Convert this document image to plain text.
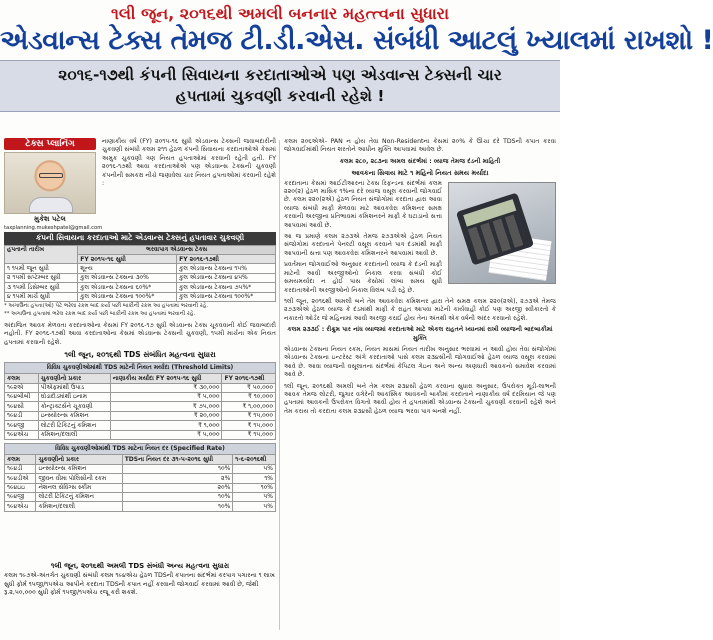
૧લી જૂન, ૨૦૧૬થી અમલી બનનાર મહત્ત્વના સુધારા
એડવાન્સ ટેક્સ તેમજ ટી.ડી.એસ. સંબંધી આટલું ખ્યાલમાં રાખશો !
૨૦૧૬-૧૭થી કંપની સિવાયના કરદાતાઓએ પણ એડવાન્સ ટેક્સની ચાર
હપતામાં ચુકવણી કરવાની રહેશે !
ટેક્સ પ્લાનિંગ
મુકેશ પટેલ
taxplanning.mukeshpatel@gmail.com

નાણાકીય વર્ષ (FY) ૨૦૧૫-૧૬ સુધી એડવાન્સ ટેક્સની જવાબદારીની ચુકવણી સંબંધી કલમ ૨૧૧ હેઠળ કંપની સિવાયના કરદાતાઓએ કેસમાં અમુક ચુકવણી ત્રણ નિયત હપતાઓમાં કરવાની રહેતી હતી. FY ૨૦૧૬-૧૭થી આવા કરદાતાઓએ પણ એડવાન્સ ટેક્સની ચુકવણી કંપનીની સમકક્ષ નીચે જણાવેલા ચાર નિયત હપતાઓમાં કરવાની રહેશે :

કંપની સિવાયના કરદાતાઓ માટે એડવાન્સ ટેક્સનું હપતાવાર ચુકવણી
હપતાની તારીખ	ભરવાપાત્ર એડવાન્સ ટેક્સ	
	FY ૨૦૧૫-૧૬ સુધી	FY ૨૦૧૬-૧૭થી
૧ ૧૫મી જૂન સુધી	શૂન્ય	કુલ એડવાન્સ ટેક્સના ૧૫%
૨ ૧૫મી સપ્ટેમ્બર સુધી	કુલ એડવાન્સ ટેક્સના ૩૦%	કુલ એડવાન્સ ટેક્સના ૪૫%
૩ ૧૫મી ડિસેમ્બર સુધી	કુલ એડવાન્સ ટેક્સના ૬૦%*	કુલ એડવાન્સ ટેક્સના ૭૫%*
૪ ૧૫મી માર્ચ સુધી	કુલ એડવાન્સ ટેક્સના ૧૦૦%*	કુલ એડવાન્સ ટેક્સના ૧૦૦%*
* અગાઉના હપતા(ઓ) પેટે ભરેલા રકમ બાદ કર્યા પછી બાકીની રકમ આ હપતામાં ભરવાની રહે.
** અગાઉના હપતામાં ભરેલ રકમ બાદ કર્યા પછી બાકીની રકમ આ હપતામાં ભરવાની રહે.

અંદાજિત આવક મેળવતા કરદાતાઓના કેસમાં FY ૨૦૧૬-૧૭ સુધી એડવાન્સ ટેક્સ ચૂકવવાની કોઈ જવાબદારી નહોતી. FY ૨૦૧૬-૧૭થી આવા કરદાતાઓના કેસમાં એડવાન્સ ટેક્સની ચુકવણી, ૧૫મી માર્ચના એક નિયત હપતામાં કરવાની રહેશે.

૧લી જૂન, ૨૦૧૬થી TDS સંબંધિત મહત્વના સુધારા
વિવિધ ચુકવણીઓમાંથી TDS માટેની નિયત મર્યાદા (Threshold Limits)
કલમ	ચુકવણીનો પ્રકાર	નાણાકીય મર્યાદા FY ૨૦૧૫-૧૬ સુધી	FY ૨૦૧૬-૧૭થી
૧૯૨એ	પીએફમાંથી ઉપાડ	₹ ૩૦,૦૦૦	₹ ૫૦,૦૦૦
૧૯૪બીબી	ઘોડાદોડમાંથી ઇનામ	₹ ૫,૦૦૦	₹ ૧૦,૦૦૦
૧૯૪સી	કોન્ટ્રાક્ટર્સને ચૂકવણી	₹ ૭૫,૦૦૦	₹ ૧,૦૦,૦૦૦
૧૯૪ડી	ઇન્સ્યોરન્સ કમિશન	₹ ૨૦,૦૦૦	₹ ૧૫,૦૦૦
૧૯૪જી	લોટરી ટિકિટનું કમિશન	₹ ૧,૦૦૦	₹ ૧૫,૦૦૦
૧૯૪એચ	કમિશન/દલાલી	₹ ૫,૦૦૦	₹ ૧૫,૦૦૦
વિવિધ ચુકવણીઓમાંથી TDS માટેના નિયત દર (Specified Rate)
કલમ	ચુકવણીનો પ્રકાર	TDSના નિયત દર ૩૧-૫-૨૦૧૬ સુધી	૧-૬-૨૦૧૬થી
૧૯૪ડી	ઇન્સ્યોરન્સ કમિશન	૧૦%	૫%
૧૯૪ડીએ	જીવન વીમા પોલિસીની રકમ	૨%	૧%
૧૯૪ઇઇ	નેશનલ સેવિંગ્સ સ્કીમ	૨૦%	૧૦%
૧૯૪જી	લોટરી ટિકિટનું કમિશન	૧૦%	૫%
૧૯૪એચ	કમિશન/દલાલી	૧૦%	૫%
૧લી જૂન, ૨૦૧૬થી અમલી TDS સંબંધી અન્ય મહત્વના સુધારા

કલમ ૧૯૭એ-અંતર્ગત ચુકવણી સંબંધી કલમ ૧૯૪એચ હેઠળ TDSની કપાતના સંદર્ભમાં કરપાત્ર પગારના ૧ લાખ સુધી ફોર્મ ૧૫જી/૧૫એચ આપીને કરદાતા TDSની કપાત નહીં કરવાની જોગવાઈ કરવામાં આવી છે, જેથી રૂ.૨,૫૦,૦૦૦ સુધી ફોર્મ ૧૫જી/૧૫એચ રજૂ કરી શકશે.

કલમ ૨૦૬એએ- PAN ન હોય તેવા Non-Residentના કેસમાં ૨૦% કે ઊંચા દરે TDSની કપાત કરવા જોગવાઈમાંથી નિયત શરતોને આધીન મુક્તિ આપવામાં આવેલ છે.

કલમ ૨૮૦, ૨૮૩ના અમલ સંદર્ભમાં : વ્યાજ તેમજ દંડની માહિતી

આવકના સિવાય માટે ૧ મહિનો નિયત સમય મર્યાદા

કરદાતાના કેસમાં આઈટીઆરના ટેક્સ રિફન્ડના સંદર્ભમાં કલમ ૨૨૦(૨) હેઠળ માસિક ૧%ના દરે વ્યાજ વસૂલ કરવાની જોગવાઈ છે. કલમ ૨૨૦(૨એ) હેઠળ નિયત સંજોગોમાં કરદાતા દ્વારા આવા વ્યાજ સંબંધી માફી મેળવવા માટે આવકવેરા કમિશનર સમક્ષ કરવાની અરજીના પ્રતિભાવમાં કમિશનરને માફી કે ઘટાડાનો સત્તા આપવામાં આવી છે.

આ જ પ્રમાણે કલમ ૨૭૩એ તેમજ ૨૭૩એએ હેઠળ નિયત સંજોગોમાં કરદાતાને પેનલ્ટી વસૂલ કરવાને પાત્ર દંડમાંથી માફી આપવાની સત્તા પણ આવકવેરા કમિશનરને આપવામાં આવી છે.

પ્રવર્તમાન જોગવાઈઓ અનુસાર કરદાતાની વ્યાજ કે દંડની માફી માટેની આવી અરજીઓનો નિકાલ કરવા સંબંધી કોઈ સમયમર્યાદા ન હોઈ પાસ કેસોમાં લાંબા સમય સુધી કરદાતાઓની અરજીઓનો નિકાલ વિલંબ પડી રહે છે.

૧લી જૂન, ૨૦૧૬થી અમલી બને તેમ આવકવેરા કમિશનર દ્વારા તેને સમક્ષ કલમ ૨૨૦(૨એ), ૨૭૩એ તેમજ ૨૭૩એએ હેઠળ વ્યાજ કે દંડમાંથી માફી કે રાહત આપવા માટેની કાર્યવાહી કોઈ પણ અરજી સ્વીકારતો કે નકારતો ઓર્ડર જે મહિનામાં આવી અરજી કરાઈ હોય તેના અંતથી એક વર્ષની અંદર કરવાનો રહેશે.

કલમ ૨૩૩ઈ : રીક્રુમ પાર નાંધ વ્યાજમાં કરદાતાઓ માટે એકલ રાહતને ધ્યાનમાં રાખી વ્યાજની બાદબાકીમાં મુક્તિ

એડવાન્સ ટેક્સના નિયત રકમ, નિયત માસમાં નિયત તારીખ અનુસાર ભરવામાં ન આવી હોય તેવા સંજોગોમાં એડવાન્સ ટેક્સના ઇન્ટરેસ્ટ અંગે કરદાતાઓ પાસે કલમ ૨૩૪સીની જોગવાઈઓ હેઠળ વ્યાજ વસૂલ કરવામાં આવે છે. આવા વ્યાજની વસૂલાતના સંદર્ભમાં કેપિટલ ગેઇન અને અન્ય અણધારી આવકનો સમાવેશ કરવામાં આવે છે.

૧લી જૂન, ૨૦૧૬થી અમલી બને તેમ કલમ ૨૩૪સી હેઠળ કરવાના સુધારા અનુસાર, ઉપરોક્ત મૂડી-લાભની આવક તેમજ લોટરી, જુગાર વગેરેની આકસ્મિક આવકની બાકીમાં કરદાતાને નાણાકીય વર્ષ દરમિયાન જે પણ હપતામાં આવકની ઉપરોક્ત વિગતો આવી હોય તે હપતામાંથી એડવાન્સ ટેક્સની ચુકવણી કરવાની રહેશે અને તેમ કરાય તો કરદાતા કલમ ૨૩૪સી હેઠળ વ્યાજ ભરવા પાત્ર બનશે નહીં.
